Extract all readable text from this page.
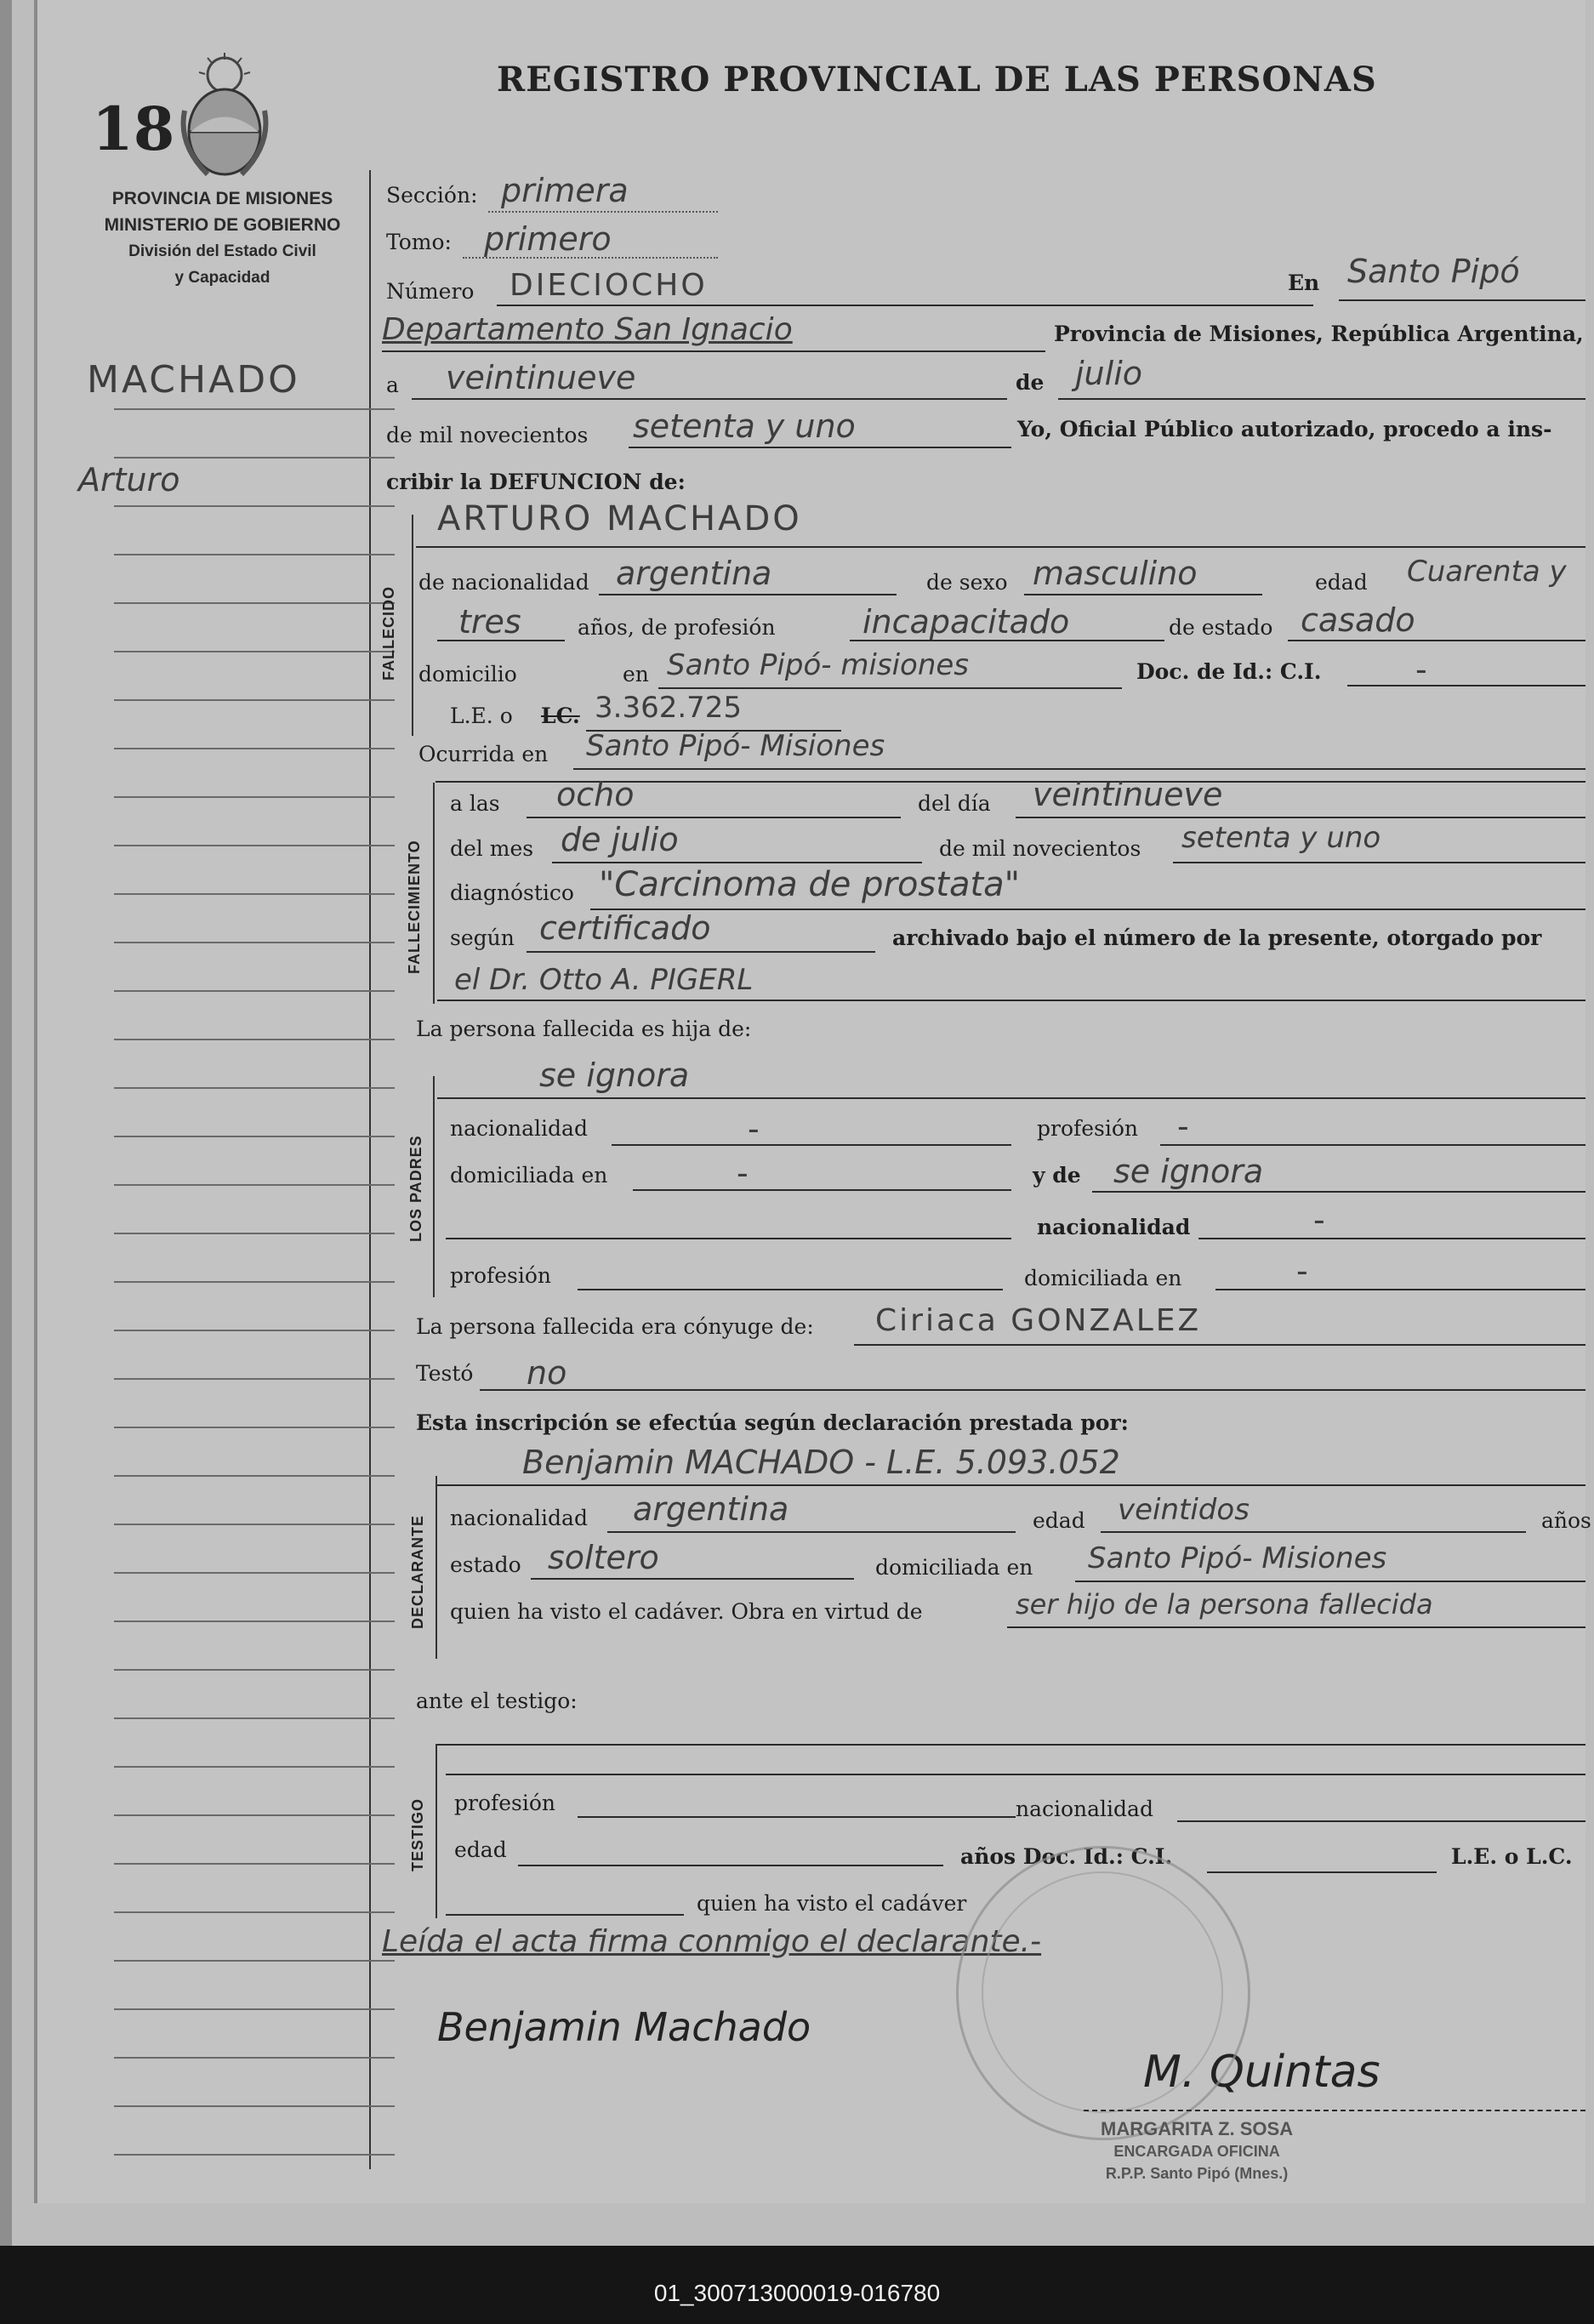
18
REGISTRO PROVINCIAL DE LAS PERSONAS
PROVINCIA DE MISIONES
MINISTERIO DE GOBIERNO
División del Estado Civil
y Capacidad
MACHADO
Arturo
Sección: primera
Tomo: primero
Número DIECIOCHO	En Santo Pipó
Departamento San Ignacio	Provincia de Misiones, República Argentina,
a veintinueve	de julio
de mil novecientos setenta y uno	Yo, Oficial Público autorizado, procedo a ins-
cribir la DEFUNCION de:
FALLECIDO
ARTURO MACHADO
de nacionalidad argentina	de sexo masculino	edad Cuarenta y
tres	años, de profesión	incapacitado	de estado casado
domicilio	en Santo Pipó- misiones	Doc. de Id.: C.I.	-
L.E. o LC. 3.362.725
Ocurrida en Santo Pipó- Misiones
FALLECIMIENTO
a las ocho	del día veintinueve
del mes de julio	de mil novecientos setenta y uno
diagnóstico "Carcinoma de prostata"
según certificado	archivado bajo el número de la presente, otorgado por
el Dr. Otto A. PIGERL
La persona fallecida es hija de:
LOS PADRES
se ignora
nacionalidad	-	profesión -
domiciliada en	-	y de se ignora
nacionalidad	-
profesión	domiciliada en	-
La persona fallecida era cónyuge de: Ciriaca GONZALEZ
Testó no
Esta inscripción se efectúa según declaración prestada por:
DECLARANTE
Benjamin MACHADO - L.E. 5.093.052
nacionalidad argentina	edad veintidos	años
estado soltero	domiciliada en Santo Pipó- Misiones
quien ha visto el cadáver. Obra en virtud de	ser hijo de la persona fallecida
ante el testigo:
TESTIGO profesión	nacionalidad
edad	años Doc. Id.: C.I.	L.E. o L.C.
quien ha visto el cadáver
Leída el acta firma conmigo el declarante.-
Benjamin Machado
M. Quintas
MARGARITA Z. SOSA
ENCARGADA OFICINA
R.P.P. Santo Pipó (Mnes.)
01_300713000019-016780
